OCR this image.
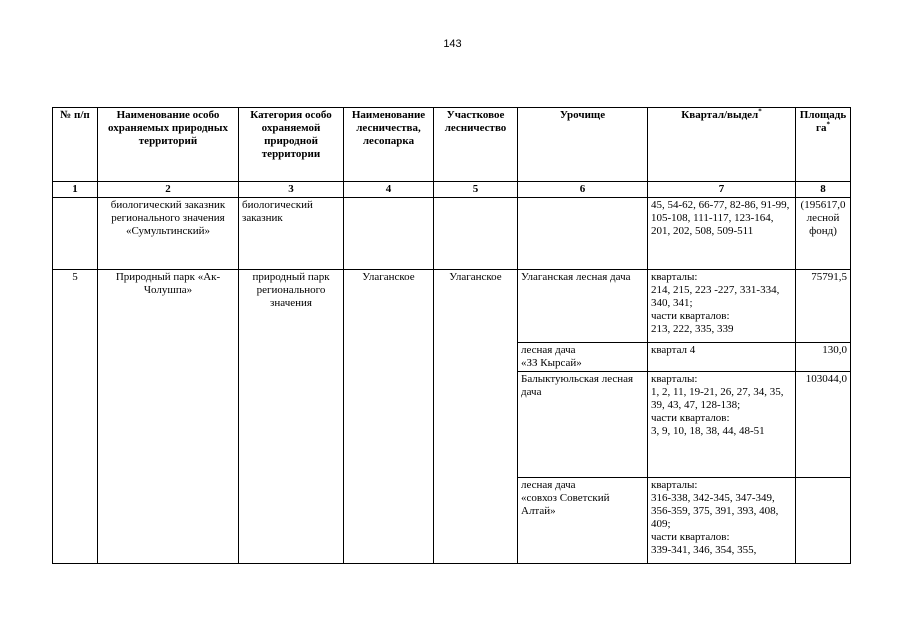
143
№ п/п	Наименование особо охраняемых природных территорий	Категория особо охраняемой природной территории	Наименование лесничества, лесопарка	Участковое лесничество	Урочище	Квартал/выдел*	Площадь га*
1	2	3	4	5	6	7	8
	биологический заказник регионального значения «Сумультинский»	биологический заказник				45, 54-62, 66-77, 82-86, 91-99, 105-108, 111-117, 123-164, 201, 202, 508, 509-511	(195617,0 лесной фонд)
5	Природный парк «Ак-Чолушпа»	природный парк регионального значения	Улаганское	Улаганское	Улаганская лесная дача	кварталы:
214, 215, 223 -227, 331-334, 340, 341;
части кварталов:
213, 222, 335, 339	75791,5
					лесная дача
«ЗЗ Кырсай»	квартал 4	130,0
					Балыктуюльская лесная дача	кварталы:
1, 2, 11, 19-21, 26, 27, 34, 35, 39, 43, 47, 128-138;
части кварталов:
3, 9, 10, 18, 38, 44, 48-51	103044,0
					лесная дача
«совхоз Советский Алтай»	кварталы:
316-338, 342-345, 347-349, 356-359, 375, 391, 393, 408, 409;
части кварталов:
339-341, 346, 354, 355,	
